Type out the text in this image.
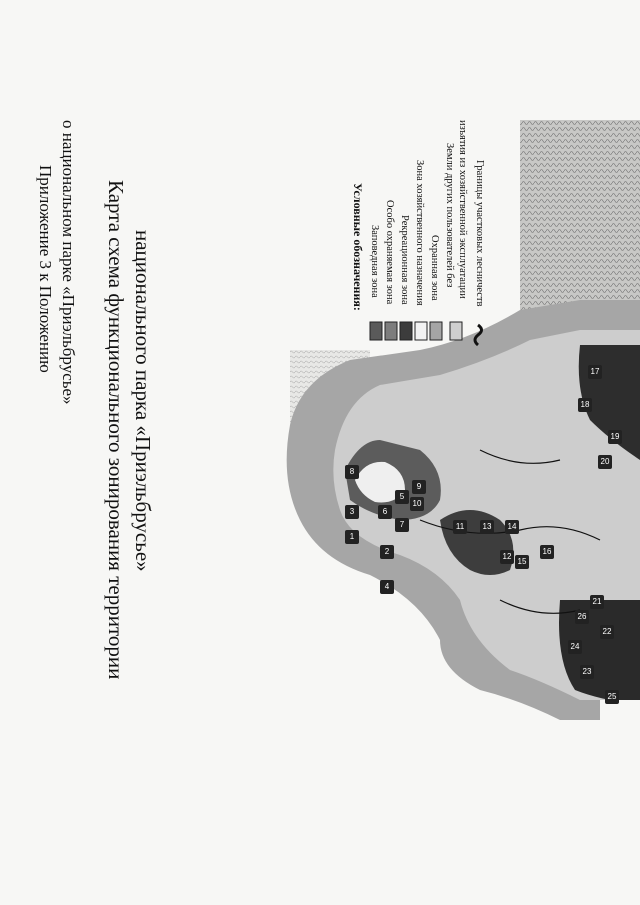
Приложение 3 к Положению о национальном парке «Приэльбрусье» Карта схема функционального зонирования территории национального парка «Приэльбрусье»	Условные обозначения: Заповедная зона Особо охраняемая зона Рекреационная зона Зона хозяйственного назначения Охранная зона Земли других пользователей без изъятия из хозяйственной эксплуатации Границы участковых лесничеств
1
2
3
4
5
6
7
8
9
10
11
12
13	14
15
16
17
18
19
20
21
22
23
24
25
26
